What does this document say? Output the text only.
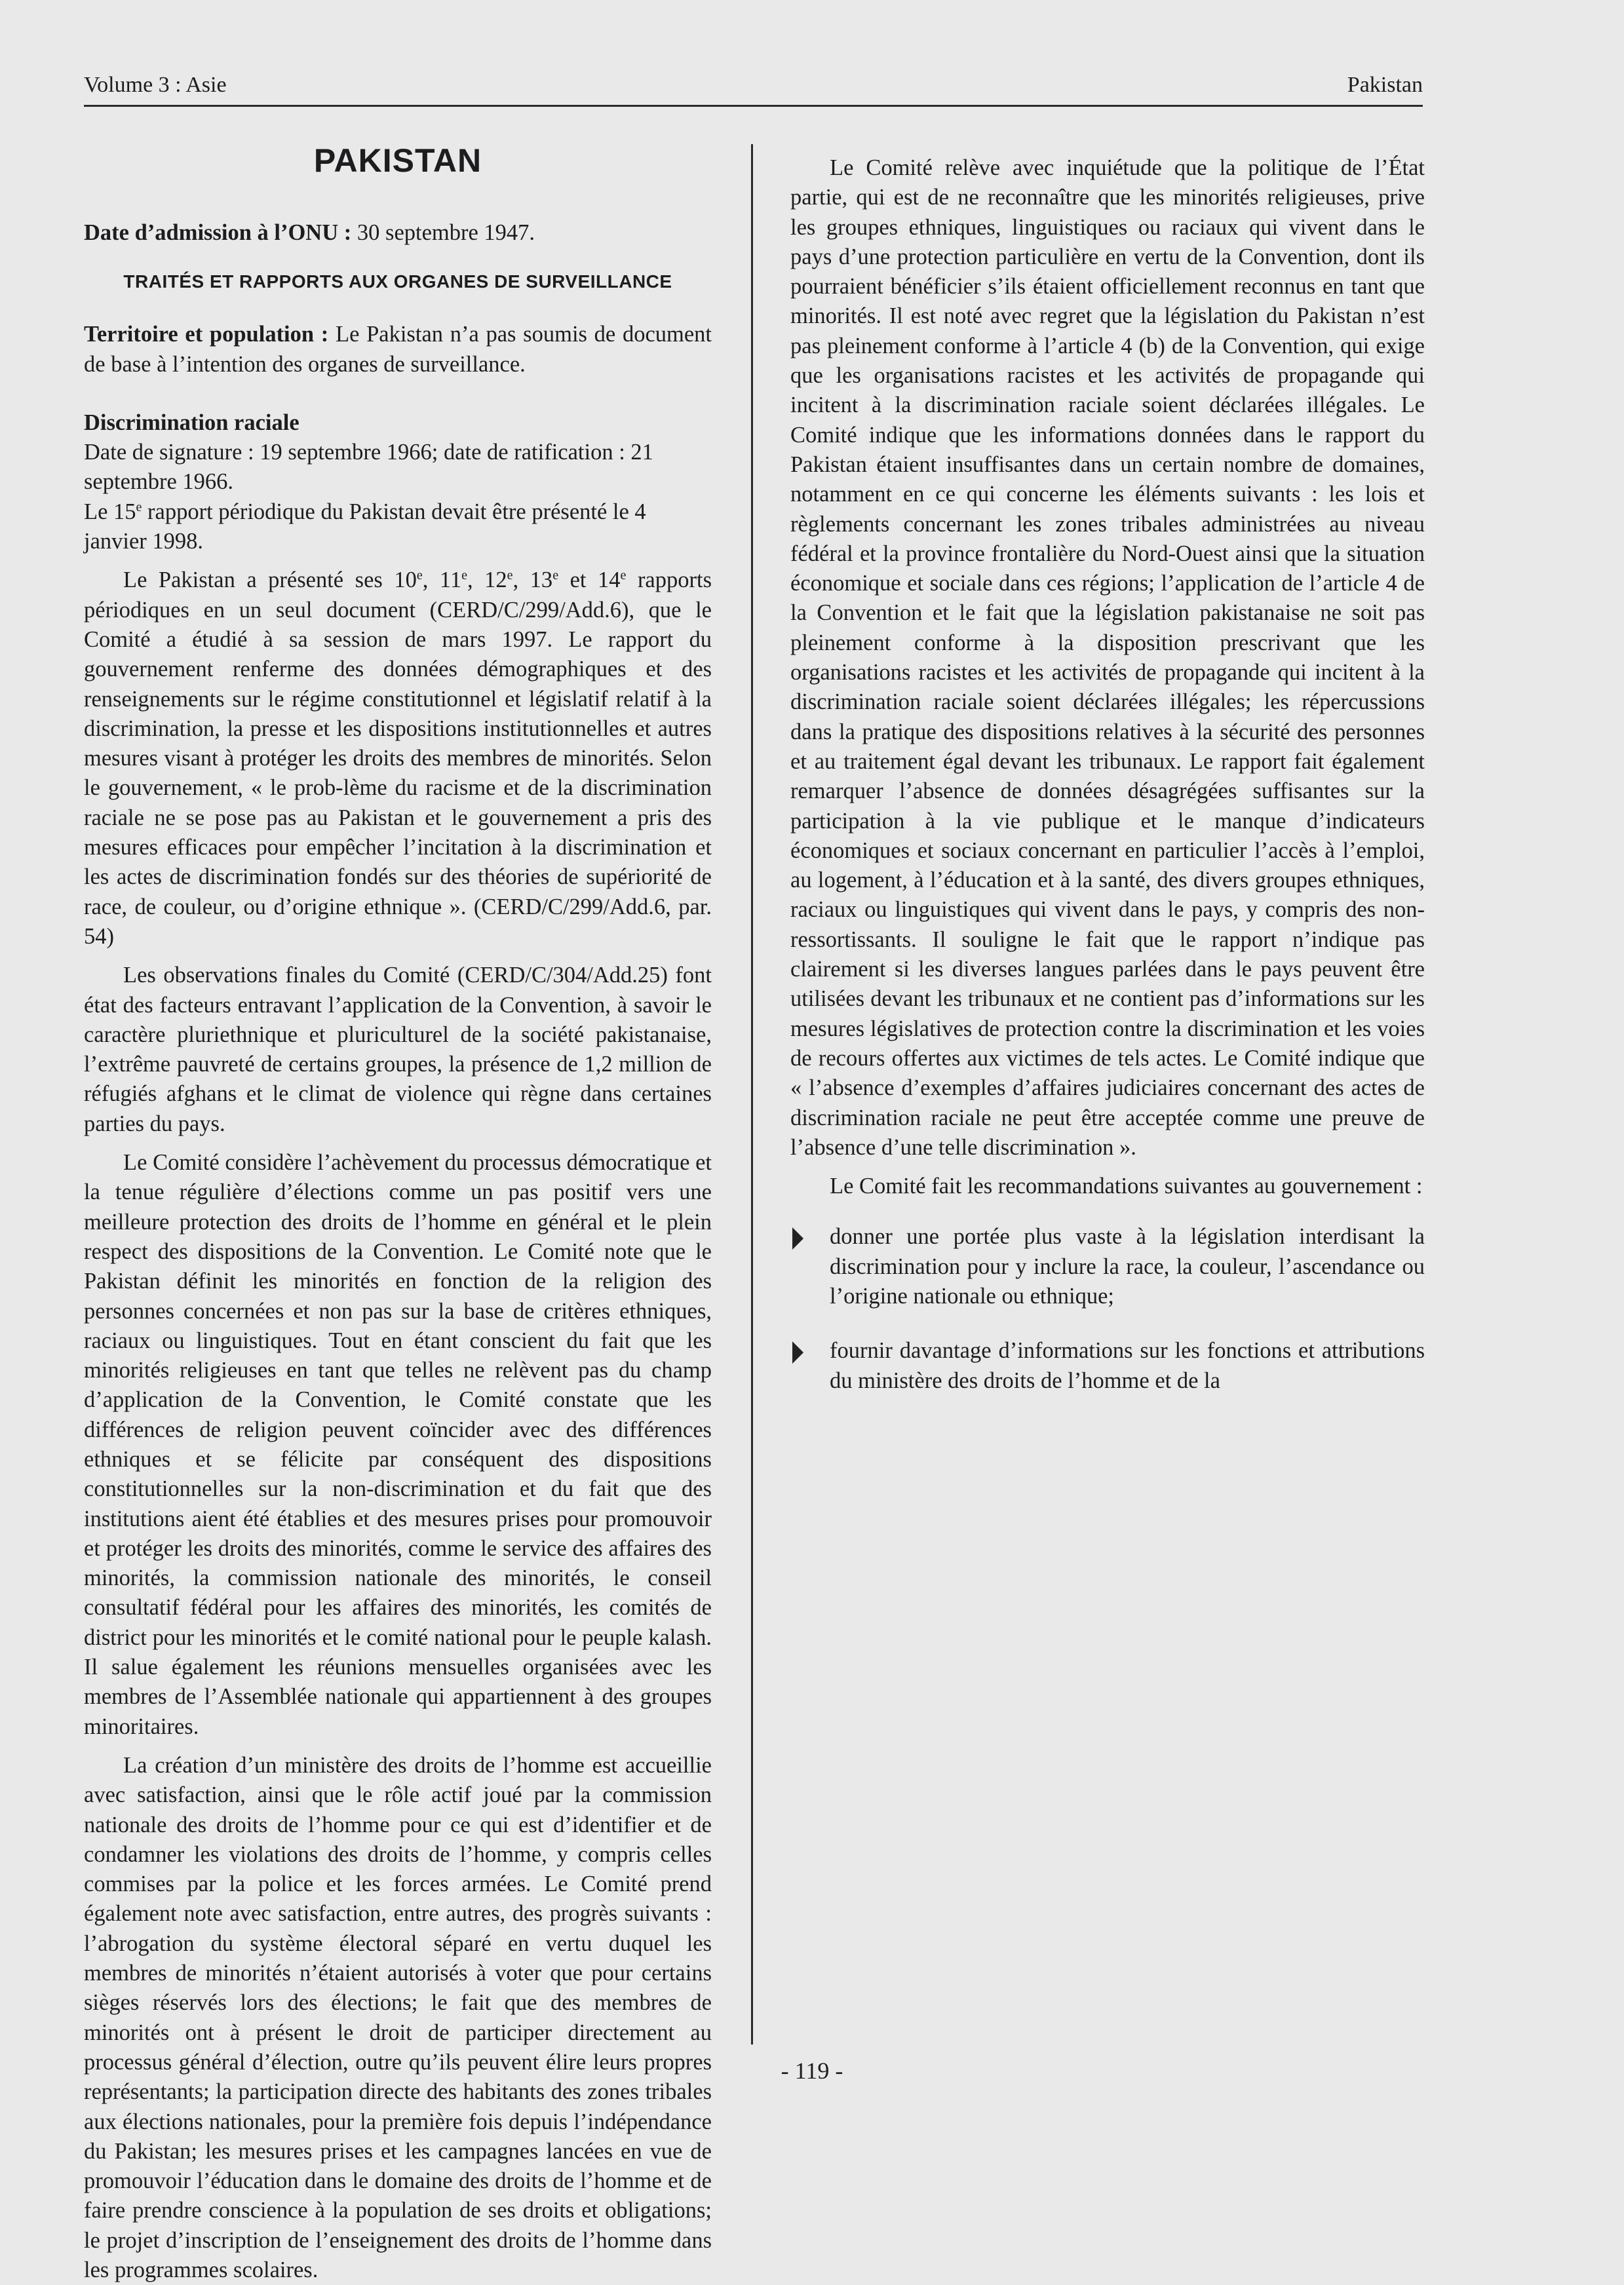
Volume 3 : Asie	Pakistan
PAKISTAN

Date d’admission à l’ONU : 30 septembre 1947.

TRAITÉS ET RAPPORTS AUX ORGANES DE SURVEILLANCE

Territoire et population : Le Pakistan n’a pas soumis de document de base à l’intention des organes de surveillance.

Discrimination raciale

Date de signature : 19 septembre 1966; date de ratification : 21 septembre 1966.

Le 15e rapport périodique du Pakistan devait être présenté le 4 janvier 1998.

Le Pakistan a présenté ses 10e, 11e, 12e, 13e et 14e rapports périodiques en un seul document (CERD/C/299/Add.6), que le Comité a étudié à sa session de mars 1997. Le rapport du gouvernement renferme des données démographiques et des renseignements sur le régime constitutionnel et législatif relatif à la discrimination, la presse et les dispositions institutionnelles et autres mesures visant à protéger les droits des membres de minorités. Selon le gouvernement, « le prob-lème du racisme et de la discrimination raciale ne se pose pas au Pakistan et le gouvernement a pris des mesures efficaces pour empêcher l’incitation à la discrimination et les actes de discrimination fondés sur des théories de supériorité de race, de couleur, ou d’origine ethnique ». (CERD/C/299/Add.6, par. 54)

Les observations finales du Comité (CERD/C/304/Add.25) font état des facteurs entravant l’application de la Convention, à savoir le caractère pluriethnique et pluriculturel de la société pakistanaise, l’extrême pauvreté de certains groupes, la présence de 1,2 million de réfugiés afghans et le climat de violence qui règne dans certaines parties du pays.

Le Comité considère l’achèvement du processus démocratique et la tenue régulière d’élections comme un pas positif vers une meilleure protection des droits de l’homme en général et le plein respect des dispositions de la Convention. Le Comité note que le Pakistan définit les minorités en fonction de la religion des personnes concernées et non pas sur la base de critères ethniques, raciaux ou linguistiques. Tout en étant conscient du fait que les minorités religieuses en tant que telles ne relèvent pas du champ d’application de la Convention, le Comité constate que les différences de religion peuvent coïncider avec des différences ethniques et se félicite par conséquent des dispositions constitutionnelles sur la non-discrimination et du fait que des institutions aient été établies et des mesures prises pour promouvoir et protéger les droits des minorités, comme le service des affaires des minorités, la commission nationale des minorités, le conseil consultatif fédéral pour les affaires des minorités, les comités de district pour les minorités et le comité national pour le peuple kalash. Il salue également les réunions mensuelles organisées avec les membres de l’Assemblée nationale qui appartiennent à des groupes minoritaires.

La création d’un ministère des droits de l’homme est accueillie avec satisfaction, ainsi que le rôle actif joué par la commission nationale des droits de l’homme pour ce qui est d’identifier et de condamner les violations des droits de l’homme, y compris celles commises par la police et les forces armées. Le Comité prend également note avec satisfaction, entre autres, des progrès suivants : l’abrogation du système électoral séparé en vertu duquel les membres de minorités n’étaient autorisés à voter que pour certains sièges réservés lors des élections; le fait que des membres de minorités ont à présent le droit de participer directement au processus général d’élection, outre qu’ils peuvent élire leurs propres représentants; la participation directe des habitants des zones tribales aux élections nationales, pour la première fois depuis l’indépendance du Pakistan; les mesures prises et les campagnes lancées en vue de promouvoir l’éducation dans le domaine des droits de l’homme et de faire prendre conscience à la population de ses droits et obligations; le projet d’inscription de l’enseignement des droits de l’homme dans les programmes scolaires.

Le Comité relève avec inquiétude que la politique de l’État partie, qui est de ne reconnaître que les minorités religieuses, prive les groupes ethniques, linguistiques ou raciaux qui vivent dans le pays d’une protection particulière en vertu de la Convention, dont ils pourraient bénéficier s’ils étaient officiellement reconnus en tant que minorités. Il est noté avec regret que la législation du Pakistan n’est pas pleinement conforme à l’article 4 (b) de la Convention, qui exige que les organisations racistes et les activités de propagande qui incitent à la discrimination raciale soient déclarées illégales. Le Comité indique que les informations données dans le rapport du Pakistan étaient insuffisantes dans un certain nombre de domaines, notamment en ce qui concerne les éléments suivants : les lois et règlements concernant les zones tribales administrées au niveau fédéral et la province frontalière du Nord-Ouest ainsi que la situation économique et sociale dans ces régions; l’application de l’article 4 de la Convention et le fait que la législation pakistanaise ne soit pas pleinement conforme à la disposition prescrivant que les organisations racistes et les activités de propagande qui incitent à la discrimination raciale soient déclarées illégales; les répercussions dans la pratique des dispositions relatives à la sécurité des personnes et au traitement égal devant les tribunaux. Le rapport fait également remarquer l’absence de données désagrégées suffisantes sur la participation à la vie publique et le manque d’indicateurs économiques et sociaux concernant en particulier l’accès à l’emploi, au logement, à l’éducation et à la santé, des divers groupes ethniques, raciaux ou linguistiques qui vivent dans le pays, y compris des non-ressortissants. Il souligne le fait que le rapport n’indique pas clairement si les diverses langues parlées dans le pays peuvent être utilisées devant les tribunaux et ne contient pas d’informations sur les mesures législatives de protection contre la discrimination et les voies de recours offertes aux victimes de tels actes. Le Comité indique que « l’absence d’exemples d’affaires judiciaires concernant des actes de discrimination raciale ne peut être acceptée comme une preuve de l’absence d’une telle discrimination ».

Le Comité fait les recommandations suivantes au gouvernement :

donner une portée plus vaste à la législation interdisant la discrimination pour y inclure la race, la couleur, l’ascendance ou l’origine nationale ou ethnique;
fournir davantage d’informations sur les fonctions et attributions du ministère des droits de l’homme et de la
- 119 -
